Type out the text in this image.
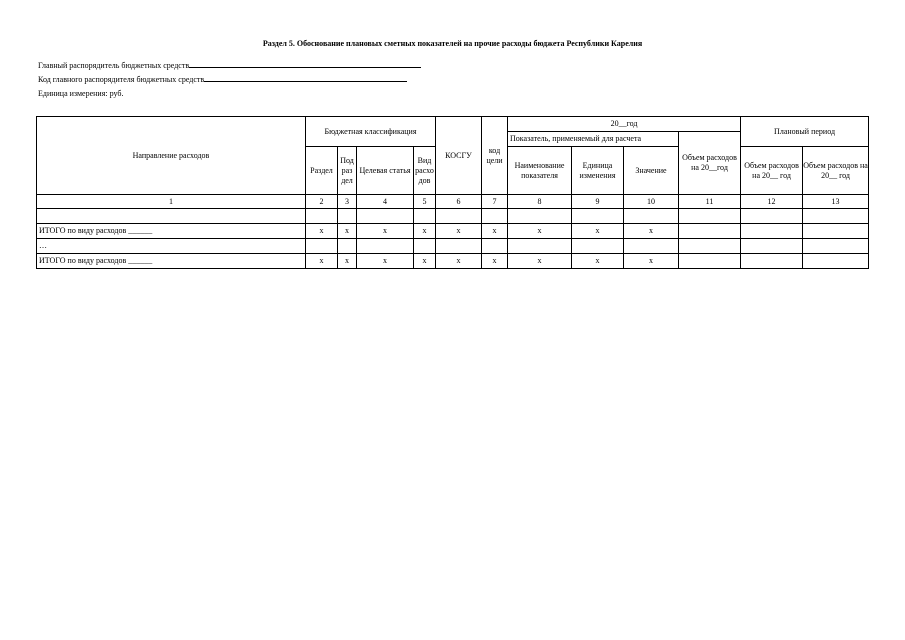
Раздел 5. Обоснование плановых сметных показателей на прочие расходы бюджета Республики Карелия
Главный распорядитель бюджетных средств
Код главного распорядителя бюджетных средств
Единица измерения: руб.
Направление расходов	Бюджетная классификация				КОСГУ	код цели	20__год				Плановый период	
							Показатель, применяемый для расчета			Объем расходов на 20__год		
	Раздел	Под раз дел	Целевая статья	Вид расхо дов			Наименование показателя	Единица изменения	Значение		Объем расходов на 20__ год	Объем расходов на 20__ год
1	2	3	4	5	6	7	8	9	10	11	12	13

ИТОГО по виду расходов ______	x	x	x	x	x	x	x	x	x			
…												
ИТОГО по виду расходов ______	x	x	x	x	x	x	x	x	x			
